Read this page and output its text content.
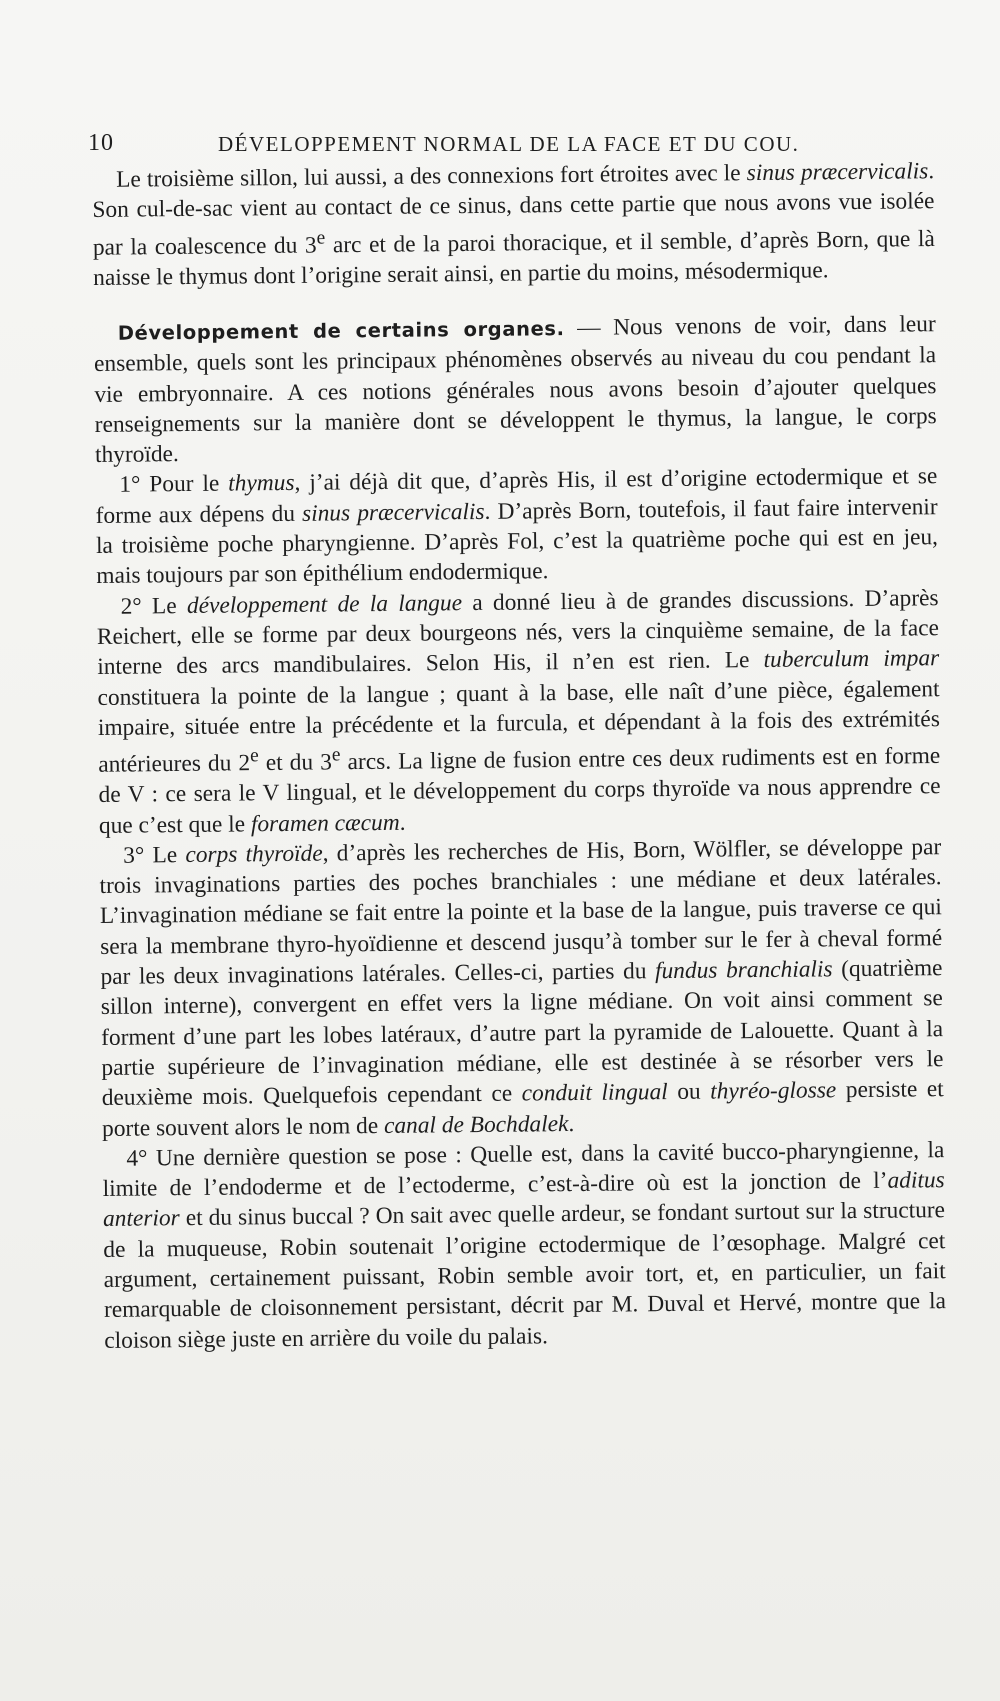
10	DÉVELOPPEMENT NORMAL DE LA FACE ET DU COU.

Le troisième sillon, lui aussi, a des connexions fort étroites avec le sinus præcervicalis. Son cul-de-sac vient au contact de ce sinus, dans cette partie que nous avons vue isolée par la coalescence du 3e arc et de la paroi thoracique, et il semble, d’après Born, que là naisse le thymus dont l’origine serait ainsi, en partie du moins, mésodermique.

Développement de certains organes. — Nous venons de voir, dans leur ensemble, quels sont les principaux phénomènes observés au niveau du cou pendant la vie embryonnaire. A ces notions générales nous avons besoin d’ajouter quelques renseignements sur la manière dont se développent le thymus, la langue, le corps thyroïde.

1° Pour le thymus, j’ai déjà dit que, d’après His, il est d’origine ectodermique et se forme aux dépens du sinus præcervicalis. D’après Born, toutefois, il faut faire intervenir la troisième poche pharyngienne. D’après Fol, c’est la quatrième poche qui est en jeu, mais toujours par son épithélium endodermique.

2° Le développement de la langue a donné lieu à de grandes discussions. D’après Reichert, elle se forme par deux bourgeons nés, vers la cinquième semaine, de la face interne des arcs mandibulaires. Selon His, il n’en est rien. Le tuberculum impar constituera la pointe de la langue ; quant à la base, elle naît d’une pièce, également impaire, située entre la précédente et la furcula, et dépendant à la fois des extrémités antérieures du 2e et du 3e arcs. La ligne de fusion entre ces deux rudiments est en forme de V : ce sera le V lingual, et le développement du corps thyroïde va nous apprendre ce que c’est que le foramen cæcum.

3° Le corps thyroïde, d’après les recherches de His, Born, Wölfler, se développe par trois invaginations parties des poches branchiales : une médiane et deux latérales. L’invagination médiane se fait entre la pointe et la base de la langue, puis traverse ce qui sera la membrane thyro-hyoïdienne et descend jusqu’à tomber sur le fer à cheval formé par les deux invaginations latérales. Celles-ci, parties du fundus branchialis (quatrième sillon interne), convergent en effet vers la ligne médiane. On voit ainsi comment se forment d’une part les lobes latéraux, d’autre part la pyramide de Lalouette. Quant à la partie supérieure de l’invagination médiane, elle est destinée à se résorber vers le deuxième mois. Quelquefois cependant ce conduit lingual ou thyréo-glosse persiste et porte souvent alors le nom de canal de Bochdalek.

4° Une dernière question se pose : Quelle est, dans la cavité bucco-pharyngienne, la limite de l’endoderme et de l’ectoderme, c’est-à-dire où est la jonction de l’aditus anterior et du sinus buccal ? On sait avec quelle ardeur, se fondant surtout sur la structure de la muqueuse, Robin soutenait l’origine ectodermique de l’œsophage. Malgré cet argument, certainement puissant, Robin semble avoir tort, et, en particulier, un fait remarquable de cloisonnement persistant, décrit par M. Duval et Hervé, montre que la cloison siège juste en arrière du voile du palais.
